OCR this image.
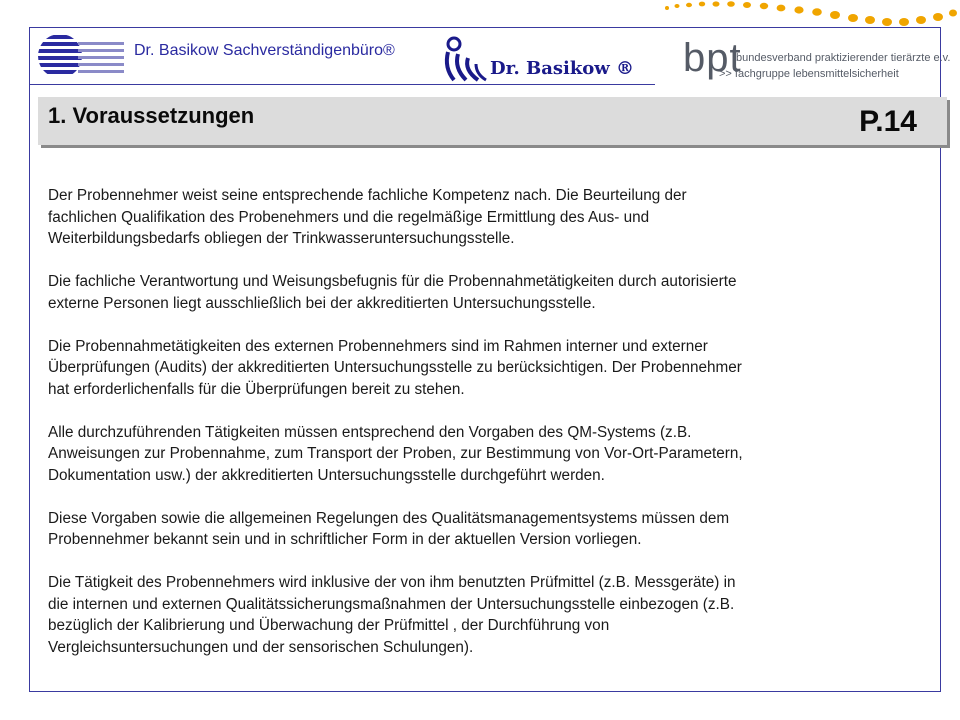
Dr. Basikow Sachverständigenbüro®
Dr. Basikow ® bpt
bundesverband praktizierender tierärzte e.v.
>> fachgruppe lebensmittelsicherheit
1. Voraussetzungen	P.14

Der Probennehmer weist seine entsprechende fachliche Kompetenz nach. Die Beurteilung der
fachlichen Qualifikation des Probenehmers und die regelmäßige Ermittlung des Aus- und
Weiterbildungsbedarfs obliegen der Trinkwasseruntersuchungsstelle.

Die fachliche Verantwortung und Weisungsbefugnis für die Probennahmetätigkeiten durch autorisierte
externe Personen liegt ausschließlich bei der akkreditierten Untersuchungsstelle.

Die Probennahmetätigkeiten des externen Probennehmers sind im Rahmen interner und externer
Überprüfungen (Audits) der akkreditierten Untersuchungsstelle zu berücksichtigen. Der Probennehmer
hat erforderlichenfalls für die Überprüfungen bereit zu stehen.

Alle durchzuführenden Tätigkeiten müssen entsprechend den Vorgaben des QM-Systems (z.B.
Anweisungen zur Probennahme, zum Transport der Proben, zur Bestimmung von Vor-Ort-Parametern,
Dokumentation usw.) der akkreditierten Untersuchungsstelle durchgeführt werden.

Diese Vorgaben sowie die allgemeinen Regelungen des Qualitätsmanagementsystems müssen dem
Probennehmer bekannt sein und in schriftlicher Form in der aktuellen Version vorliegen.

Die Tätigkeit des Probennehmers wird inklusive der von ihm benutzten Prüfmittel (z.B. Messgeräte) in
die internen und externen Qualitätssicherungsmaßnahmen der Untersuchungsstelle einbezogen (z.B.
bezüglich der Kalibrierung und Überwachung der Prüfmittel , der Durchführung von
Vergleichsuntersuchungen und der sensorischen Schulungen).
